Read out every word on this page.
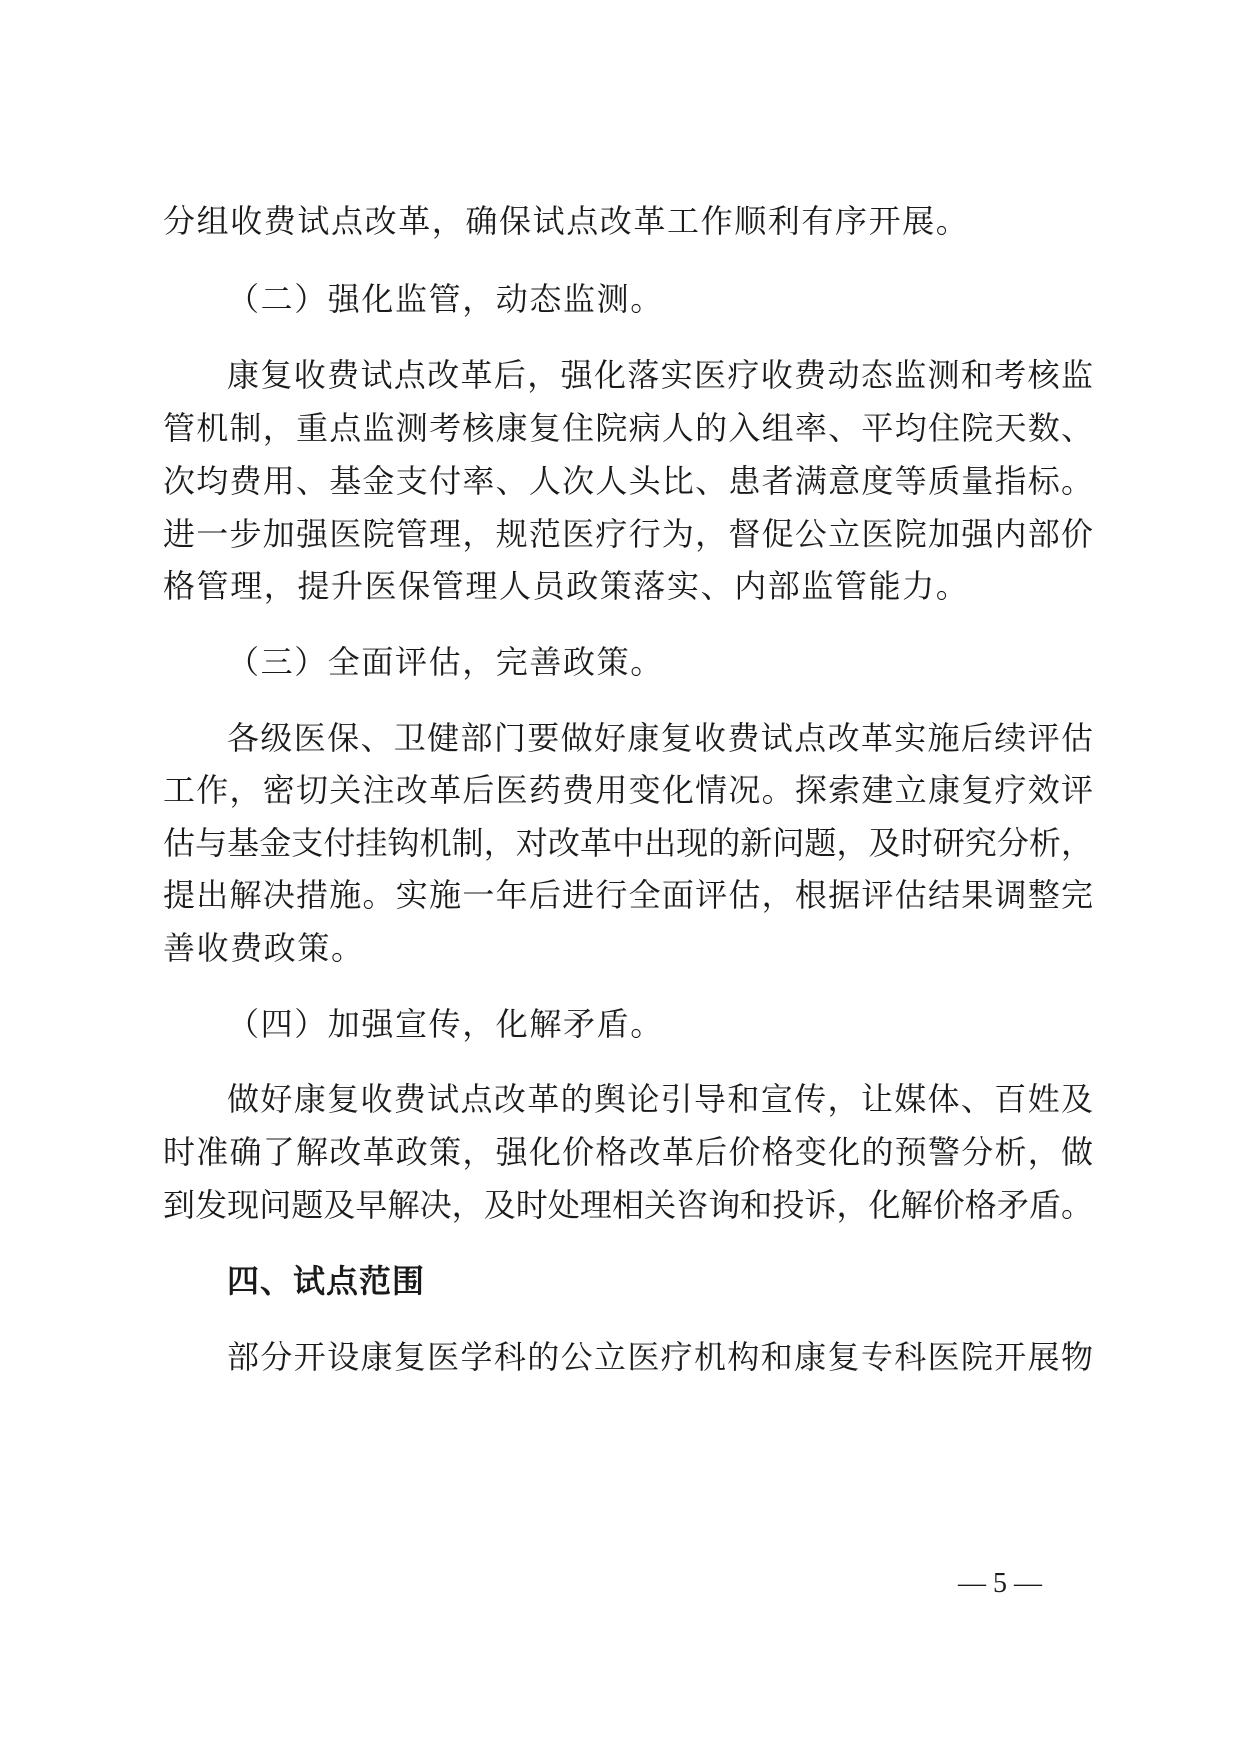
分组收费试点改革，确保试点改革工作顺利有序开展。
（二）强化监管，动态监测。
康复收费试点改革后，强化落实医疗收费动态监测和考核监
管机制，重点监测考核康复住院病人的入组率、平均住院天数、
次均费用、基金支付率、人次人头比、患者满意度等质量指标。
进一步加强医院管理，规范医疗行为，督促公立医院加强内部价
格管理，提升医保管理人员政策落实、内部监管能力。
（三）全面评估，完善政策。
各级医保、卫健部门要做好康复收费试点改革实施后续评估
工作，密切关注改革后医药费用变化情况。探索建立康复疗效评
估与基金支付挂钩机制，对改革中出现的新问题，及时研究分析，
提出解决措施。实施一年后进行全面评估，根据评估结果调整完
善收费政策。
（四）加强宣传，化解矛盾。
做好康复收费试点改革的舆论引导和宣传，让媒体、百姓及
时准确了解改革政策，强化价格改革后价格变化的预警分析，做
到发现问题及早解决，及时处理相关咨询和投诉，化解价格矛盾。
四、试点范围
部分开设康复医学科的公立医疗机构和康复专科医院开展物
— 5 —
